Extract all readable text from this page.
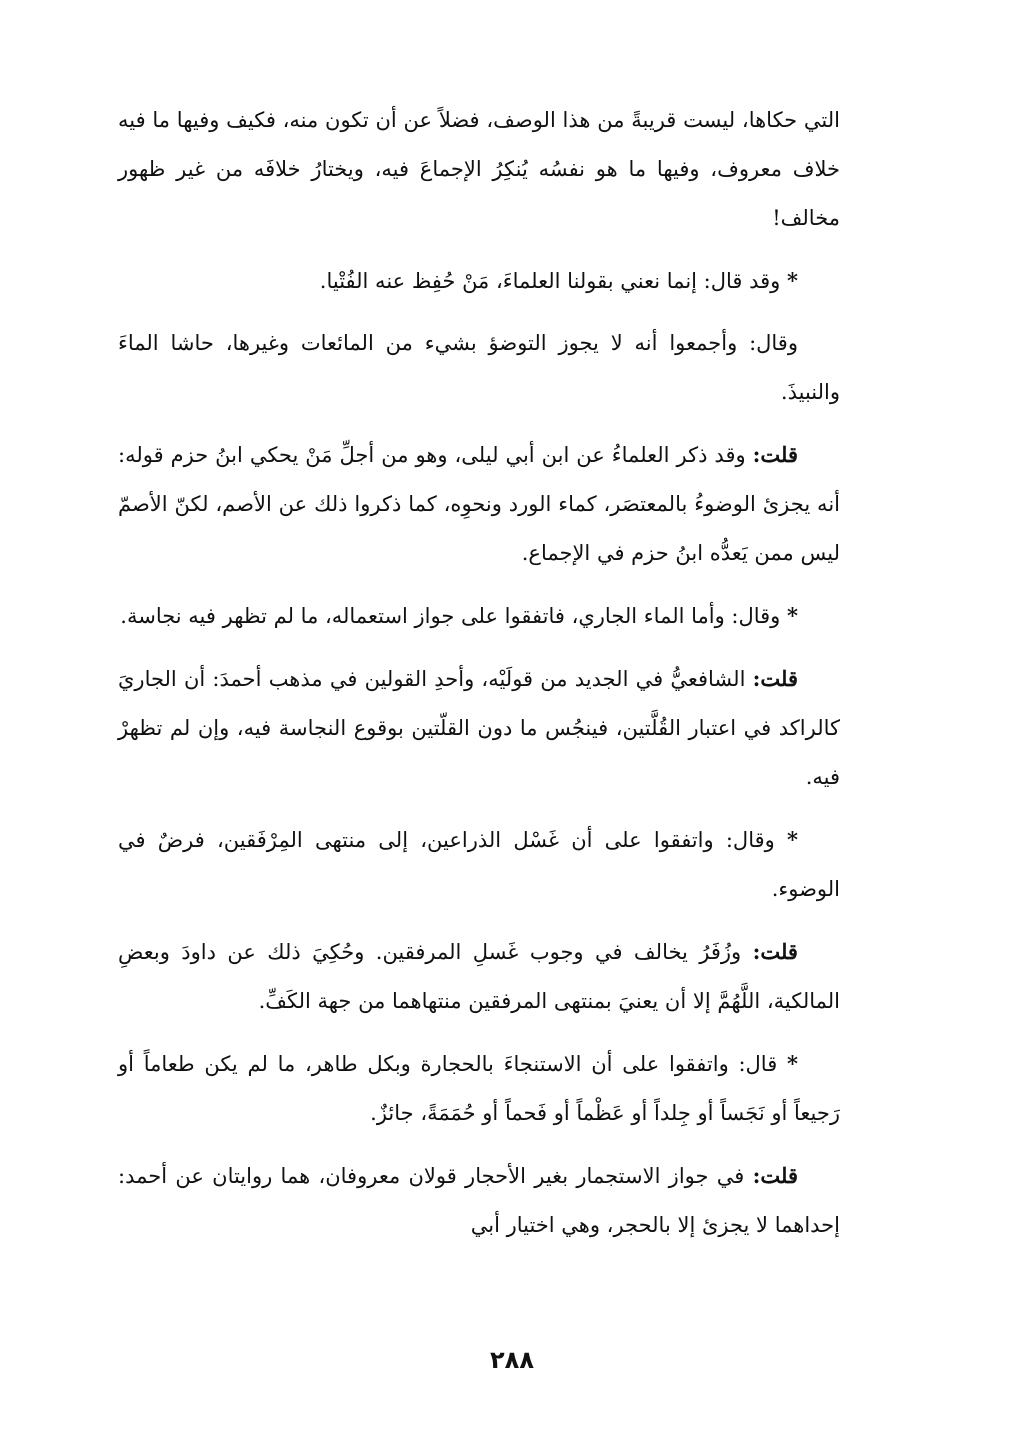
التي حكاها، ليست قريبةً من هذا الوصف، فضلاً عن أن تكون منه، فكيف وفيها ما فيه خلاف معروف، وفيها ما هو نفسُه يُنكِرُ الإجماعَ فيه، ويختارُ خلافَه من غير ظهور مخالف!

* وقد قال: إنما نعني بقولنا العلماءَ، مَنْ حُفِظ عنه الفُتْيا.

وقال: وأجمعوا أنه لا يجوز التوضؤ بشيء من المائعات وغيرها، حاشا الماءَ والنبيذَ.

قلت: وقد ذكر العلماءُ عن ابن أبي ليلى، وهو من أجلِّ مَنْ يحكي ابنُ حزم قوله: أنه يجزئ الوضوءُ بالمعتصَر، كماء الورد ونحوِه، كما ذكروا ذلك عن الأصم، لكنّ الأصمّ ليس ممن يَعدُّه ابنُ حزم في الإجماع.

* وقال: وأما الماء الجاري، فاتفقوا على جواز استعماله، ما لم تظهر فيه نجاسة.

قلت: الشافعيُّ في الجديد من قولَيْه، وأحدِ القولين في مذهب أحمدَ: أن الجاريَ كالراكد في اعتبار القُلَّتين، فينجُس ما دون القلّتين بوقوع النجاسة فيه، وإن لم تظهرْ فيه.

* وقال: واتفقوا على أن غَسْل الذراعين، إلى منتهى المِرْفَقين، فرضٌ في الوضوء.

قلت: وزُفَرُ يخالف في وجوب غَسلِ المرفقين. وحُكِيَ ذلك عن داودَ وبعضِ المالكية، اللَّهُمَّ إلا أن يعنيَ بمنتهى المرفقين منتهاهما من جهة الكَفِّ.

* قال: واتفقوا على أن الاستنجاءَ بالحجارة وبكل طاهر، ما لم يكن طعاماً أو رَجيعاً أو نَجَساً أو جِلداً أو عَظْماً أو فَحماً أو حُمَمَةً، جائزٌ.

قلت: في جواز الاستجمار بغير الأحجار قولان معروفان، هما روايتان عن أحمد: إحداهما لا يجزئ إلا بالحجر، وهي اختيار أبي

٢٨٨
